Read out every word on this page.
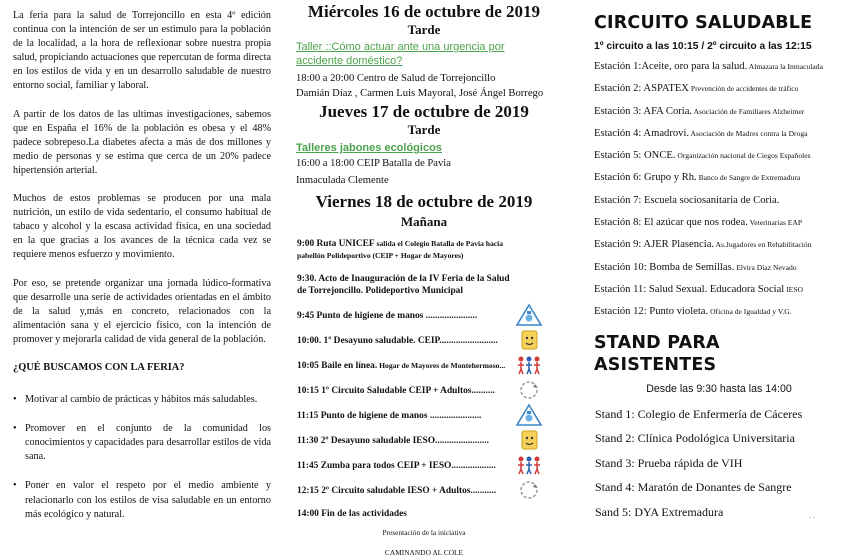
La feria para la salud de Torrejoncillo en esta 4º edición continua con la intención de ser un estimulo para la población de la localidad, a la hora de reflexionar sobre nuestra propia salud, propiciando actuaciones que repercutan de forma directa en los estilos de vida y en un desarrollo saludable de nuestro entorno social, familiar y laboral.

A partir de los datos de las ultimas investigaciones, sabemos que en España el 16% de la población es obesa y el 48% padece sobrepeso.La diabetes afecta a más de dos millones y medio de personas y se estima que cerca de un 20% padece hipertensión arterial.

Muchos de estos problemas se producen por una mala nutrición, un estilo de vida sedentario, el consumo habitual de tabaco y alcohol y la escasa actividad física, en una sociedad en la que gracias a los avances de la técnica cada vez se requiere menos esfuerzo y movimiento.

Por eso, se pretende organizar una jornada lúdico-formativa que desarrolle una serie de actividades orientadas en el ámbito de la salud y,más en concreto, relacionados con la alimentación sana y el ejercicio físico, con la intención de promover y mejorarla calidad de vida general de la población.

¿QUÉ BUSCAMOS CON LA FERIA?
• Motivar al cambio de prácticas y hábitos más saludables.
• Promover en el conjunto de la comunidad los conocimientos y capacidades para desarrollar estilos de vida sana.
• Poner en valor el respeto por el medio ambiente y relacionarlo con los estilos de visa saludable en un entorno más ecológico y natural.
Miércoles 16 de octubre de 2019
Tarde
Taller ::Cómo actuar ante una urgencia por accidente doméstico?
18:00 a 20:00 Centro de Salud de Torrejoncillo
Damián Díaz , Carmen Luis Mayoral, José Ángel Borrego
Jueves 17 de octubre de 2019
Tarde
Talleres jabones ecológicos
16:00 a 18:00 CEIP Batalla de Pavia
Inmaculada Clemente
Viernes 18 de octubre de 2019
Mañana
9:00 Ruta UNICEF salida el Colegio Batalla de Pavia hacia pabellón Polideportivo (CEIP + Hogar de Mayores)
9:30. Acto de Inauguración de la IV Feria de la Salud de Torrejoncillo. Polideportivo Municipal
9:45 Punto de higiene de manos ......................
10:00. 1º Desayuno saludable. CEIP.........................
10:05 Baile en línea. Hogar de Mayores de Monteherm​oso...
10:15 1º Circuito Saludable CEIP + Adultos..........
11:15 Punto de higiene de manos ......................
11:30 2º Desayuno saludable IESO.......................
11:45 Zumba para todos CEIP + IESO...................
12:15 2º Circuito saludable IESO + Adultos...........
14:00 Fin de las actividades
Presentación de la iniciativa
CAMINANDO AL COLE
CIRCUITO SALUDABLE
1º circuito a las 10:15 / 2º circuito a las 12:15
Estación 1:Aceite, oro para la salud. Almazara la Inmaculada
Estación 2: ASPATEX Prevención de accidentes de tráfico
Estación 3: AFA Coria. Asociación de Familiares Alzheimer
Estación 4: Amadrovi. Asociación de Madres contra la Droga
Estación 5: ONCE. Organización nacional de Ciegos Españoles
Estación 6: Grupo y Rh. Banco de Sangre de Extremadura
Estación 7: Escuela sociosanitaria de Coria.
Estación 8: El azúcar que nos rodea. Veterinarias EAP
Estación 9: AJER Plasencia. As.Jugadores en Rehabilitación
Estación 10: Bomba de Semillas. Elvira Díaz Nevado
Estación 11: Salud Sexual. Educadora Social IESO
Estación 12: Punto violeta. Oficina de Igualdad y V.G.
STAND PARA ASISTENTES
Desde las 9:30 hasta las 14:00
Stand 1: Colegio de Enfermería de Cáceres
Stand 2: Clínica Podológica Universitaria
Stand 3: Prueba rápida de VIH
Stand 4: Maratón de Donantes de Sangre
Sand 5: DYA Extremadura	· ·
